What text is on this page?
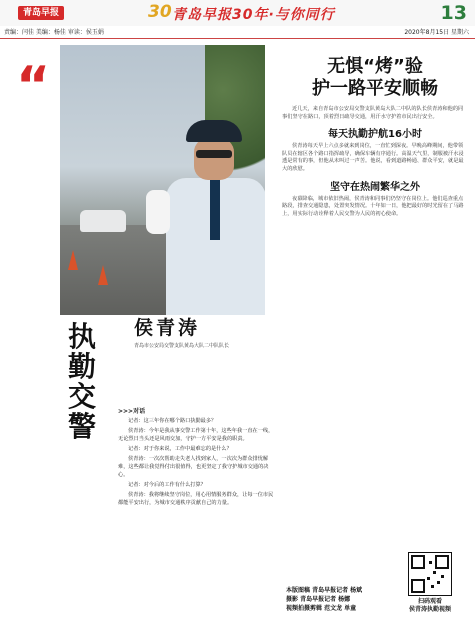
青岛早报	30 青岛早报30年·与你同行	13
责编：闫佳 美编：杨佳 审读：侯玉娟	2020年8月15日 星期六
“
执
勤
交
警
侯青涛
青岛市公安局交警支队黄岛大队二中队队长
>>>对话

记者：这三年你在哪个路口执勤最多？

侯青涛：今年是我从事交警工作第十年，这些年我一直在一线，无论烈日当头还是风雨交加，守护一方平安是我的职责。

记者：对于你来说，工作中最难忘的是什么？

侯青涛：一次次帮助走失老人找到家人，一次次为群众排忧解难，这些都让我觉得付出很值得，也更坚定了我守护城市交通的决心。

记者：对今后的工作有什么打算？

侯青涛：我将继续坚守岗位，用心用情服务群众，让每一位市民都能平安出行，为城市交通秩序贡献自己的力量。

无惧“烤”验
护一路平安顺畅

近几天，来自青岛市公安局交警支队黄岛大队二中队的队长侯青涛和他的同事们坚守在路口，顶着烈日疏导交通，用汗水守护着市民出行安全。

每天执勤护航16小时

侯青涛每天早上六点多就来到岗位，一直忙到深夜。早晚高峰期间，他带领队员在辖区各个路口指挥疏导，确保车辆有序通行。高温天气里，制服被汗水浸透是常有的事，但他从未叫过一声苦。他说，看到道路畅通、群众平安，就是最大的欣慰。

坚守在热闹繁华之外

夜幕降临，城市依旧热闹，侯青涛和同事们仍坚守在岗位上。他们巡查重点路段，排查交通隐患，处置突发情况。十年如一日，他把最好的时光留在了马路上，用实际行动诠释着人民交警为人民的初心使命。

本版图稿 青岛早报记者 杨斌
摄影 青岛早报记者 杨娜
视频拍摄剪辑 范文龙 单童
扫码观看
侯青涛执勤视频
